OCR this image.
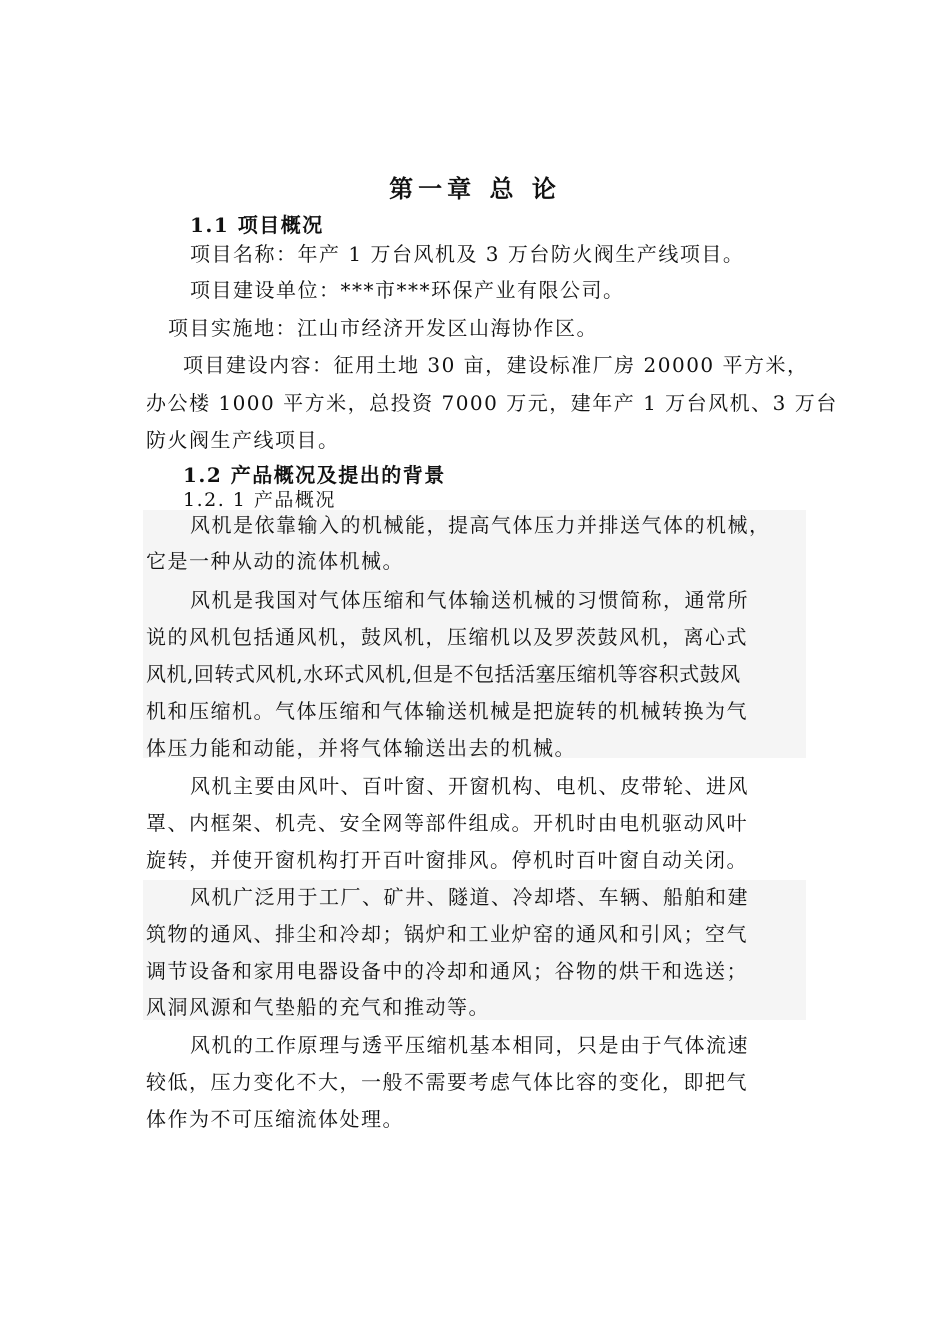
第一章 总 论
1.1 项目概况
项目名称：年产 1 万台风机及 3 万台防火阀生产线项目。
项目建设单位：***市***环保产业有限公司。
项目实施地：江山市经济开发区山海协作区。
项目建设内容：征用土地 30 亩，建设标准厂房 20000 平方米，
办公楼 1000 平方米，总投资 7000 万元，建年产 1 万台风机、3 万台
防火阀生产线项目。
1.2 产品概况及提出的背景
1.2. 1 产品概况
风机是依靠输入的机械能，提高气体压力并排送气体的机械，
它是一种从动的流体机械。
风机是我国对气体压缩和气体输送机械的习惯简称，通常所
说的风机包括通风机，鼓风机，压缩机以及罗茨鼓风机，离心式
风机,回转式风机,水环式风机,但是不包括活塞压缩机等容积式鼓风
机和压缩机。气体压缩和气体输送机械是把旋转的机械转换为气
体压力能和动能，并将气体输送出去的机械。
风机主要由风叶、百叶窗、开窗机构、电机、皮带轮、进风
罩、内框架、机壳、安全网等部件组成。开机时由电机驱动风叶
旋转，并使开窗机构打开百叶窗排风。停机时百叶窗自动关闭。
风机广泛用于工厂、矿井、隧道、冷却塔、车辆、船舶和建
筑物的通风、排尘和冷却；锅炉和工业炉窑的通风和引风；空气
调节设备和家用电器设备中的冷却和通风；谷物的烘干和选送；
风洞风源和气垫船的充气和推动等。
风机的工作原理与透平压缩机基本相同，只是由于气体流速
较低，压力变化不大，一般不需要考虑气体比容的变化，即把气
体作为不可压缩流体处理。
